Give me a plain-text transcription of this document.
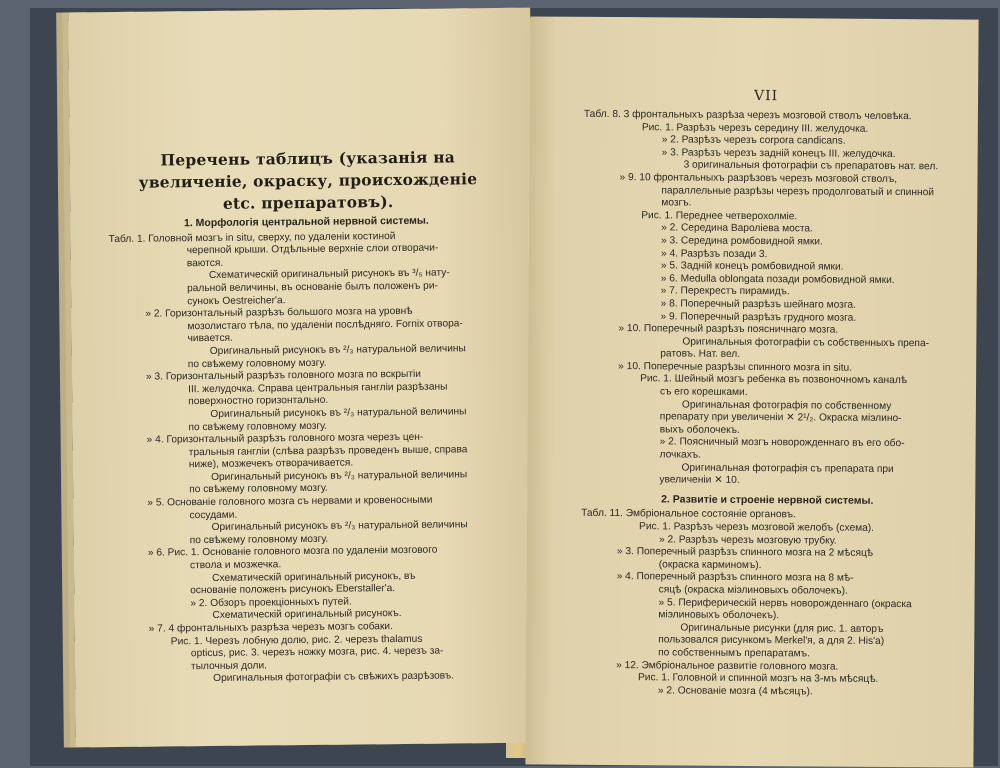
Перечень таблицъ (указанія на увеличеніе, окраску, происхожденіе etc. препаратовъ).
1. Морфологія центральной нервной системы.
Табл. 1. Головной мозгъ in situ, сверху, по удаленіи костиной
черепной крыши. Отдѣльные верхніе слои отворачи-
ваются.
Схематическій оригинальный рисунокъ въ ³/₅ нату-
ральной величины, въ основаніе былъ положенъ ри-
сунокъ Oestreicher'a.
» 2. Горизонтальный разрѣзъ большого мозга на уровнѣ
мозолистаго тѣла, по удаленіи послѣдняго. Fornix отвора-
чивается.
Оригинальный рисунокъ въ ²/₃ натуральной величины
по свѣжему головному мозгу.
» 3. Горизонтальный разрѣзъ головного мозга по вскрытіи
III. желудочка. Справа центральныя гангліи разрѣзаны
поверхностно горизонтально.
Оригинальный рисунокъ въ ²/₃ натуральной величины
по свѣжему головному мозгу.
» 4. Горизонтальный разрѣзъ головного мозга черезъ цен-
тральныя гангліи (слѣва разрѣзъ проведенъ выше, справа
ниже), мозжечекъ отворачивается.
Оригинальный рисунокъ въ ²/₃ натуральной величины
по свѣжему головному мозгу.
» 5. Основаніе головного мозга съ нервами и кровеносными
сосудами.
Оригинальный рисунокъ въ ²/₃ натуральной величины
по свѣжему головному мозгу.
» 6. Рис. 1. Основаніе головного мозга по удаленіи мозгового
ствола и мозжечка.
Схематическій оригинальный рисунокъ, въ
основаніе положенъ рисунокъ Eberstaller'a.
» 2. Обзоръ проекціонныхъ путей.
Схематическій оригинальный рисунокъ.
» 7. 4 фронтальныхъ разрѣза черезъ мозгъ собаки.
Рис. 1. Черезъ лобную долю, рис. 2. черезъ thalamus
opticus, рис. 3. черезъ ножку мозга, рис. 4. черезъ за-
тылочныя доли.
Оригинальныя фотографіи съ свѣжихъ разрѣзовъ.
VII
Табл. 8. 3 фронтальныхъ разрѣза черезъ мозговой стволъ человѣка.
Рис. 1. Разрѣзъ черезъ середину III. желудочка.
» 2. Разрѣзъ черезъ corpora candicans.
» 3. Разрѣзъ черезъ задній конецъ III. желудочка.
3 оригинальныя фотографіи съ препаратовъ нат. вел.
» 9. 10 фронтальныхъ разрѣзовъ черезъ мозговой стволъ,
параллельные разрѣзы черезъ продолговатый и спинной
мозгъ.
Рис. 1. Переднее четверохолміе.
» 2. Середина Вароліева моста.
» 3. Середина ромбовидной ямки.
» 4. Разрѣзъ позади 3.
» 5. Задній конецъ ромбовидной ямки.
» 6. Medulla oblongata позади ромбовидной ямки.
» 7. Перекрестъ пирамидъ.
» 8. Поперечный разрѣзъ шейнаго мозга.
» 9. Поперечный разрѣзъ грудного мозга.
» 10. Поперечный разрѣзъ поясничнаго мозга.
Оригинальныя фотографіи съ собственныхъ препа-
ратовъ. Нат. вел.
» 10. Поперечные разрѣзы спинного мозга in situ.
Рис. 1. Шейный мозгъ ребенка въ позвоночномъ каналѣ
съ его корешками.
Оригинальная фотографія по собственному
препарату при увеличеніи ✕ 2¹/₂. Окраска міэлино-
выхъ оболочекъ.
» 2. Поясничный мозгъ новорожденнаго въ его обо-
лочкахъ.
Оригинальная фотографія съ препарата при
увеличеніи ✕ 10.
2. Развитіе и строеніе нервной системы.
Табл. 11. Эмбріональное состояніе органовъ.
Рис. 1. Разрѣзъ черезъ мозговой желобъ (схема).
» 2. Разрѣзъ черезъ мозговую трубку.
» 3. Поперечный разрѣзъ спинного мозга на 2 мѣсяцѣ
(окраска карминомъ).
» 4. Поперечный разрѣзъ спинного мозга на 8 мѣ-
сяцѣ (окраска міэлиновыхъ оболочекъ).
» 5. Периферическій нервъ новорожденнаго (окраска
міэлиновыхъ оболочекъ).
Оригинальные рисунки (для рис. 1. авторъ
пользовался рисункомъ Merkel'я, а для 2. His'а)
по собственнымъ препаратамъ.
» 12. Эмбріональное развитіе головного мозга.
Рис. 1. Головной и спинной мозгъ на 3-мъ мѣсяцѣ.
» 2. Основаніе мозга (4 мѣсяцъ).
